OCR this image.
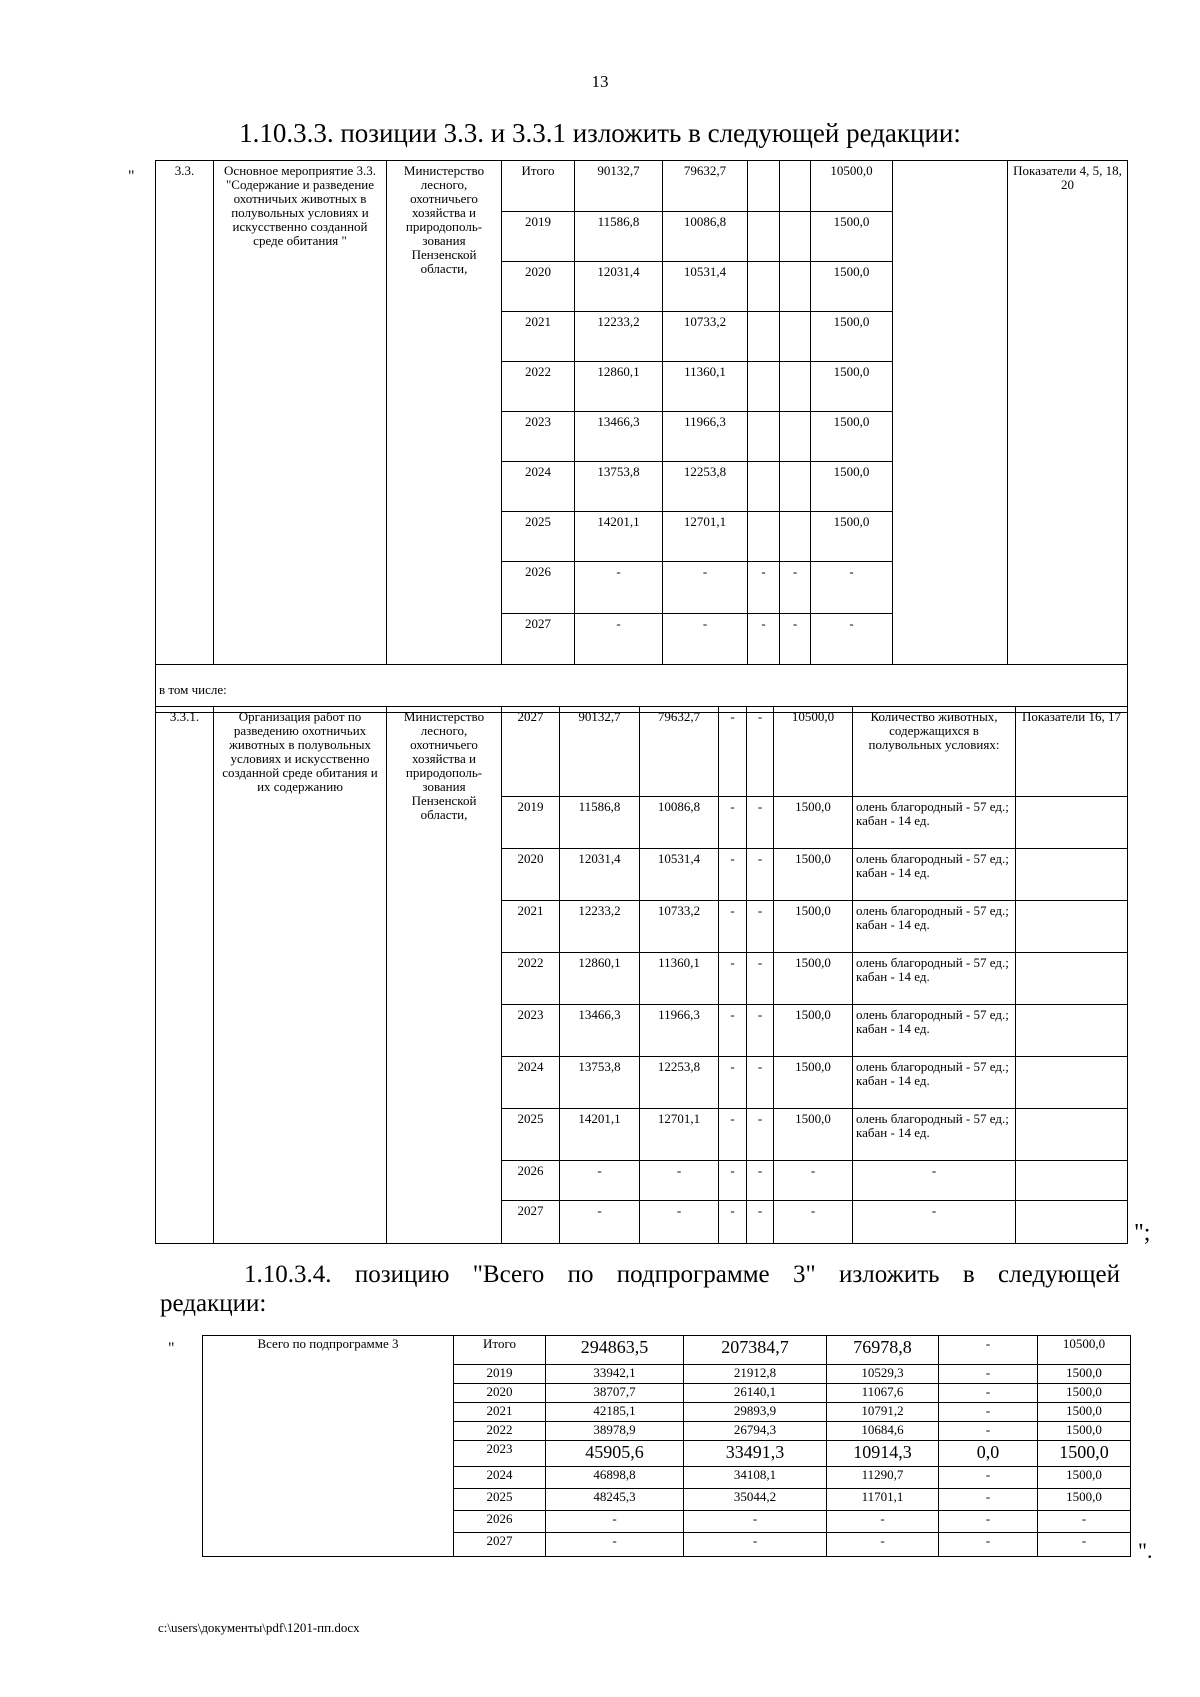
13
1.10.3.3. позиции 3.3. и 3.3.1 изложить в следующей редакции:
"	3.3.	Основное мероприятие 3.3. "Содержание и разведение охотничьих животных в полувольных условиях и искусственно созданной среде обитания "	Министерство лесного, охотничьего хозяйства и природополь-зования Пензенской области,	Итого	90132,7	79632,7			10500,0		Показатели 4, 5, 18, 20
			2019	11586,8	10086,8			1500,0		
			2020	12031,4	10531,4			1500,0		
			2021	12233,2	10733,2			1500,0		
			2022	12860,1	11360,1			1500,0		
			2023	13466,3	11966,3			1500,0		
			2024	13753,8	12253,8			1500,0		
			2025	14201,1	12701,1			1500,0		
			2026	-	-	-	-	-		
			2027	-	-	-	-	-		
в том числе:										
3.3.1.	Организация работ по разведению охотничьих животных в полувольных условиях и искусственно созданной среде обитания и их содержанию	Министерство лесного, охотничьего хозяйства и природополь-зования Пензенской области,	2027	90132,7	79632,7	-	-	10500,0	Количество животных, содержащихся в полувольных условиях:	Показатели 16, 17
			2019	11586,8	10086,8	-	-	1500,0	олень благородный - 57 ед.; кабан - 14 ед.	
			2020	12031,4	10531,4	-	-	1500,0	олень благородный - 57 ед.; кабан - 14 ед.	
			2021	12233,2	10733,2	-	-	1500,0	олень благородный - 57 ед.; кабан - 14 ед.	
			2022	12860,1	11360,1	-	-	1500,0	олень благородный - 57 ед.; кабан - 14 ед.	
			2023	13466,3	11966,3	-	-	1500,0	олень благородный - 57 ед.; кабан - 14 ед.	
			2024	13753,8	12253,8	-	-	1500,0	олень благородный - 57 ед.; кабан - 14 ед.	
			2025	14201,1	12701,1	-	-	1500,0	олень благородный - 57 ед.; кабан - 14 ед.	
			2026	-	-	-	-	-	-	
			2027	-	-	-	-	-	-	
";
1.10.3.4. позицию "Всего по подпрограмме 3" изложить в следующей
редакции:
"	Всего по подпрограмме 3	Итого	294863,5	207384,7	76978,8	-	10500,0
	2019	33942,1	21912,8	10529,3	-	1500,0
	2020	38707,7	26140,1	11067,6	-	1500,0
	2021	42185,1	29893,9	10791,2	-	1500,0
	2022	38978,9	26794,3	10684,6	-	1500,0
	2023	45905,6	33491,3	10914,3	0,0	1500,0
	2024	46898,8	34108,1	11290,7	-	1500,0
	2025	48245,3	35044,2	11701,1	-	1500,0
	2026	-	-	-	-	-
	2027	-	-	-	-	- ".
c:\users\документы\pdf\1201-пп.docx
